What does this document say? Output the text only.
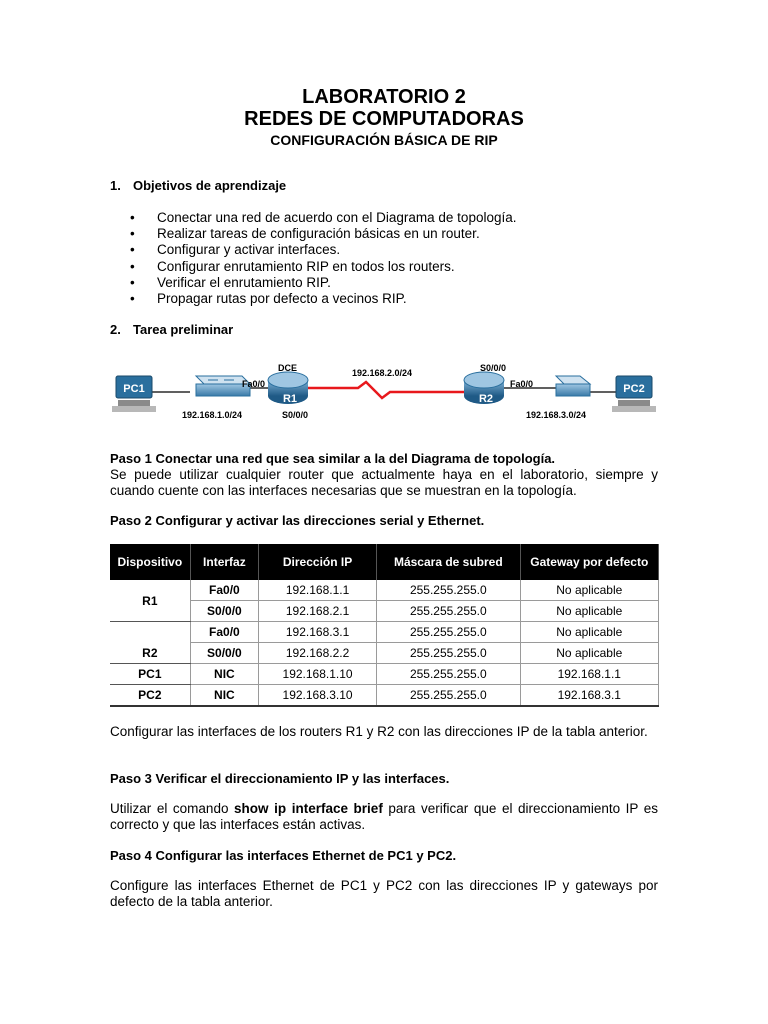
LABORATORIO 2
REDES DE COMPUTADORAS
CONFIGURACIÓN BÁSICA DE RIP

1. Objetivos de aprendizaje

• Conectar una red de acuerdo con el Diagrama de topología.
• Realizar tareas de configuración básicas en un router.
• Configurar y activar interfaces.
• Configurar enrutamiento RIP en todos los routers.
• Verificar el enrutamiento RIP.
• Propagar rutas por defecto a vecinos RIP.

2. Tarea preliminar

PC1	Fa0/0
192.168.1.0/24
R1
DCE
S0/0/0
192.168.2.0/24
R2
S0/0/0
Fa0/0
192.168.3.0/24
PC2

Paso 1 Conectar una red que sea similar a la del Diagrama de topología.

Se puede utilizar cualquier router que actualmente haya en el laboratorio, siempre y cuando cuente con las interfaces necesarias que se muestran en la topología.

Paso 2 Configurar y activar las direcciones serial y Ethernet.

Dispositivo	Interfaz	Dirección IP	Máscara de subred	Gateway por defecto
R1	Fa0/0	192.168.1.1	255.255.255.0	No aplicable
	S0/0/0	192.168.2.1	255.255.255.0	No aplicable
R2	Fa0/0	192.168.3.1	255.255.255.0	No aplicable
	S0/0/0	192.168.2.2	255.255.255.0	No aplicable
PC1	NIC	192.168.1.10	255.255.255.0	192.168.1.1
PC2	NIC	192.168.3.10	255.255.255.0	192.168.3.1

Configurar las interfaces de los routers R1 y R2 con las direcciones IP de la tabla anterior.

Paso 3 Verificar el direccionamiento IP y las interfaces.

Utilizar el comando show ip interface brief para verificar que el direccionamiento IP es correcto y que las interfaces están activas.

Paso 4 Configurar las interfaces Ethernet de PC1 y PC2.

Configure las interfaces Ethernet de PC1 y PC2 con las direcciones IP y gateways por defecto de la tabla anterior.
